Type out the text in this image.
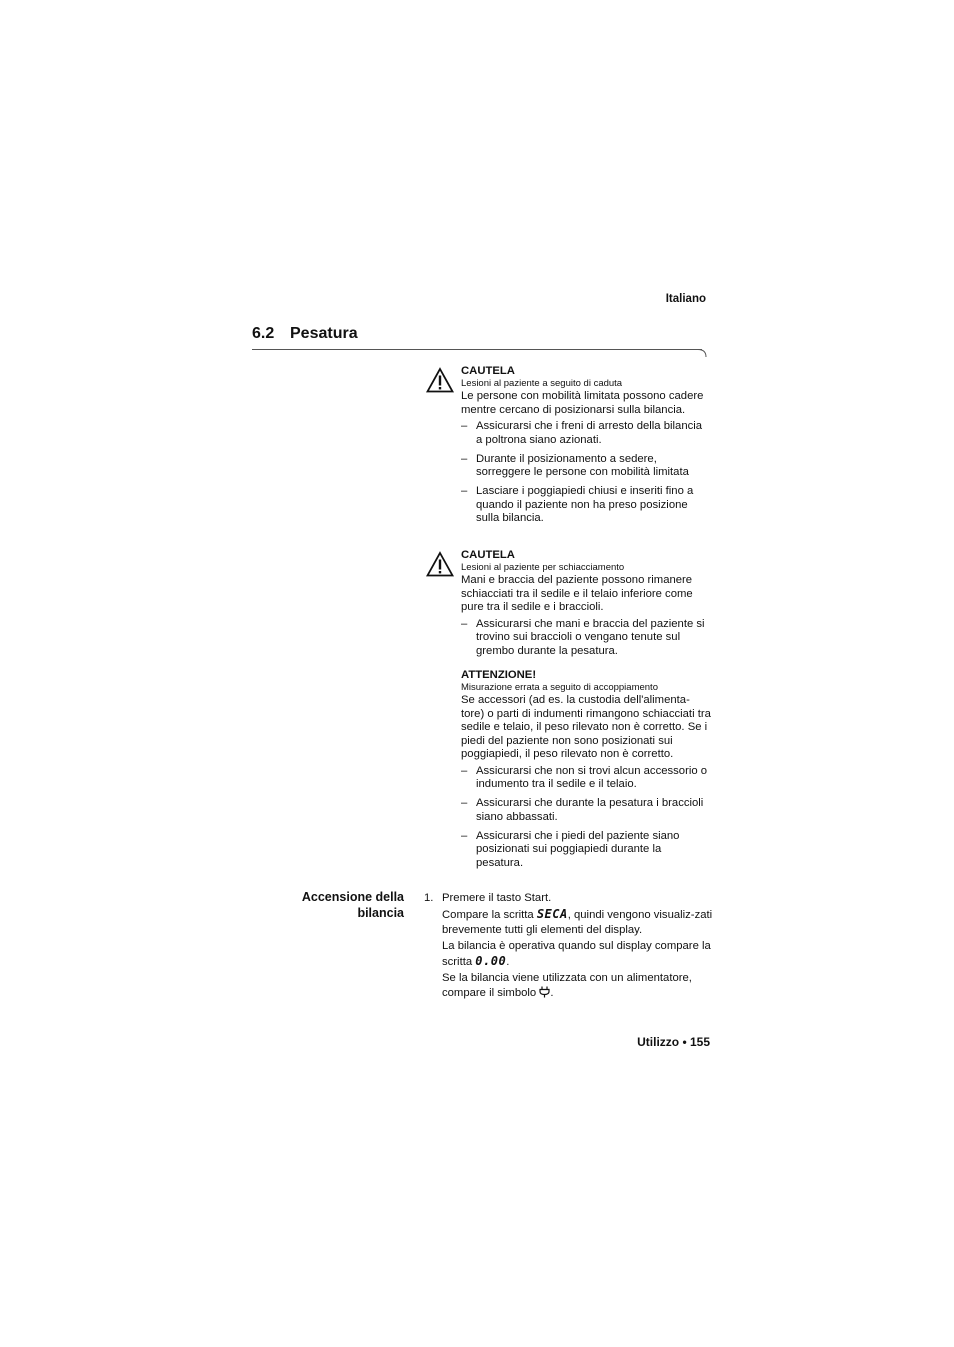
Italiano
6.2 Pesatura
CAUTELA
Lesioni al paziente a seguito di caduta

Le persone con mobilità limitata possono cadere mentre cercano di posizionarsi sulla bilancia.

– Assicurarsi che i freni di arresto della bilancia a poltrona siano azionati.
– Durante il posizionamento a sedere, sorreggere le persone con mobilità limitata
– Lasciare i poggiapiedi chiusi e inseriti fino a quando il paziente non ha preso posizione sulla bilancia.
CAUTELA
Lesioni al paziente per schiacciamento

Mani e braccia del paziente possono rimanere schiacciati tra il sedile e il telaio inferiore come pure tra il sedile e i braccioli.

– Assicurarsi che mani e braccia del paziente si trovino sui braccioli o vengano tenute sul grembo durante la pesatura.
ATTENZIONE!
Misurazione errata a seguito di accoppiamento

Se accessori (ad es. la custodia dell'alimenta-tore) o parti di indumenti rimangono schiacciati tra sedile e telaio, il peso rilevato non è corretto. Se i piedi del paziente non sono posizionati sui poggiapiedi, il peso rilevato non è corretto.

– Assicurarsi che non si trovi alcun accessorio o indumento tra il sedile e il telaio.
– Assicurarsi che durante la pesatura i braccioli siano abbassati.
– Assicurarsi che i piedi del paziente siano posizionati sui poggiapiedi durante la pesatura.
Accensione della
bilancia
1. Premere il tasto Start.
Compare la scritta SECA, quindi vengono visualiz-zati brevemente tutti gli elementi del display.
La bilancia è operativa quando sul display compare la scritta 0.00.
Se la bilancia viene utilizzata con un alimentatore, compare il simbolo .
Utilizzo • 155
